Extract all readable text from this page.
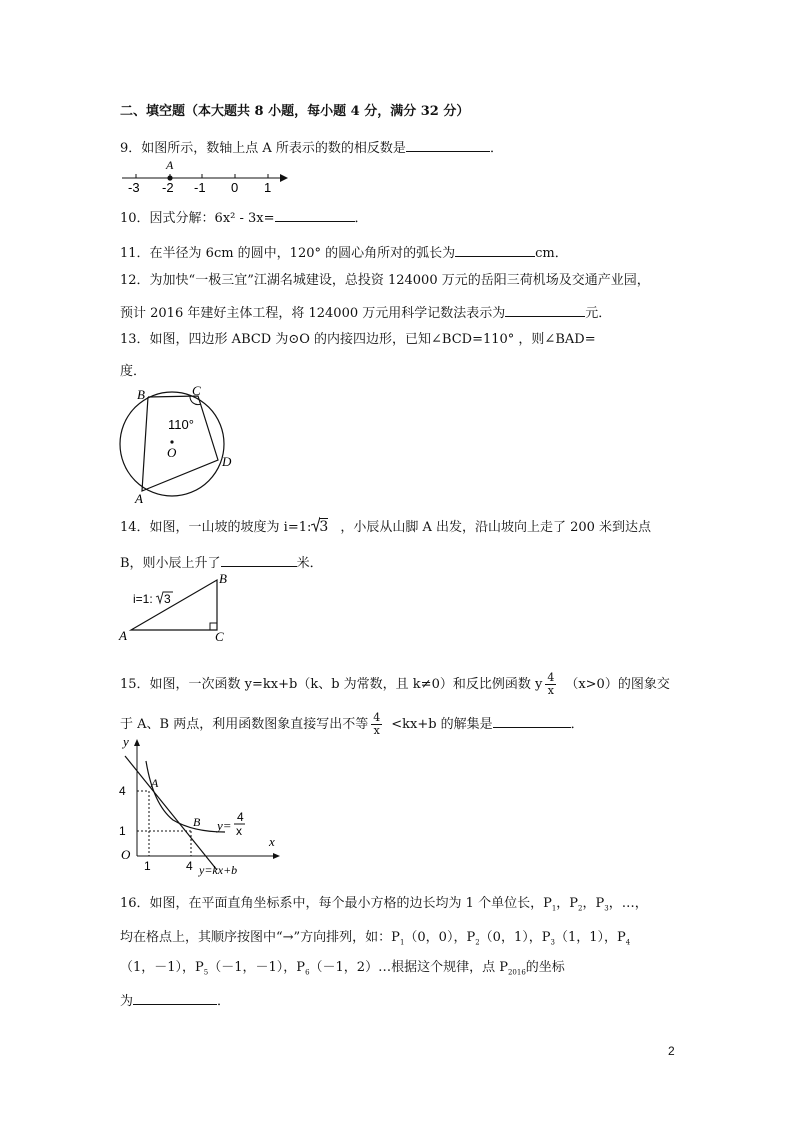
二、填空题（本大题共 8 小题，每小题 4 分，满分 32 分）
9．如图所示，数轴上点 A 所表示的数的相反数是	．
A
-3 -2 -1 0 1
10．因式分解：6x² - 3x=	．
11．在半径为 6cm 的圆中，120° 的圆心角所对的弧长为	cm．
12．为加快“一极三宜”江湖名城建设，总投资 124000 万元的岳阳三荷机场及交通产业园，
预计 2016 年建好主体工程，将 124000 万元用科学记数法表示为	元．
13．如图，四边形 ABCD 为⊙O 的内接四边形，已知∠BCD=110° ，则∠BAD=
度．
110°
B	C
O
D
A
14．如图，一山坡的坡度为 i=1: 3 ，小辰从山脚 A 出发，沿山坡向上走了 200 米到达点
B，则小辰上升了	米．
i=1: 3
A
B
C
15．如图，一次函数 y=kx+b（k、b 为常数，且 k≠0）和反比例函数 y $\frac{4}{x} (x>0)$的图象交
于 A、B 两点，利用函数图象直接写出不等 $\frac{4}{x} <kx+b$ 的解集是	．
y
x
O
A
B
1	4
4
1	y=
4
x
y=kx+b
16．如图，在平面直角坐标系中，每个最小方格的边长均为 1 个单位长，$P_1$，$P_2$，$P_3$，…，
均在格点上，其顺序按图中“→”方向排列，如：$P_1(0$，0），$P_2(0$，1），$P_3(1$，1），$P_4$
（1，－1），$P_5(-1$，－1），$P_6(-1$，2）…根据这个规律，点 $P_{2016}$的坐标
为	．
2
